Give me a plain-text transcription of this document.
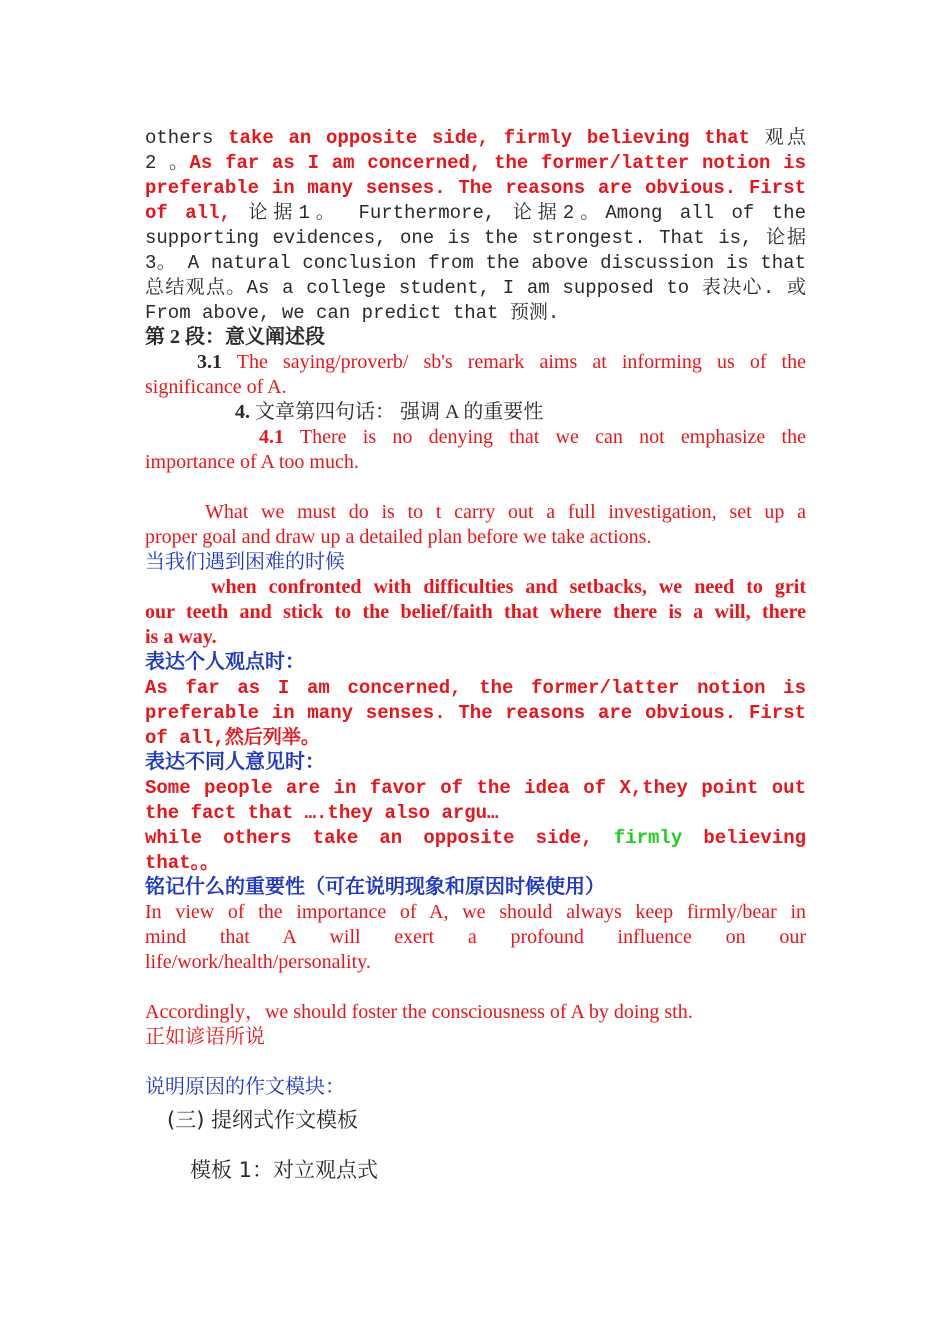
others take an opposite side, firmly believing that 观点
2 。As far as I am concerned, the former/latter notion is
preferable in many senses. The reasons are obvious. First
of all, 论据1。 Furthermore, 论据2。Among all of the
supporting evidences, one is the strongest. That is, 论据
3。 A natural conclusion from the above discussion is that
总结观点。As a college student, I am supposed to 表决心. 或
From above, we can predict that 预测.
第 2 段：意义阐述段
3.1 The saying/proverb/ sb's remark aims at informing us of the
significance of A.
4. 文章第四句话： 强调 A 的重要性
4.1 There is no denying that we can not emphasize the
importance of A too much.
What we must do is to t carry out a full investigation, set up a
proper goal and draw up a detailed plan before we take actions.
当我们遇到困难的时候
when confronted with difficulties and setbacks, we need to grit
our teeth and stick to the belief/faith that where there is a will, there
is a way.
表达个人观点时：
As far as I am concerned, the former/latter notion is
preferable in many senses. The reasons are obvious. First
of all,然后列举。
表达不同人意见时：
Some people are in favor of the idea of X,they point out
the fact that ….they also argu…
while others take an opposite side, firmly believing
that。。
铭记什么的重要性（可在说明现象和原因时候使用）
In view of the importance of A, we should always keep firmly/bear in
mind that A will exert a profound influence on our
life/work/health/personality.
Accordingly，we should foster the consciousness of A by doing sth.
正如谚语所说
说明原因的作文模块：
(三) 提纲式作文模板
模板 1：对立观点式
